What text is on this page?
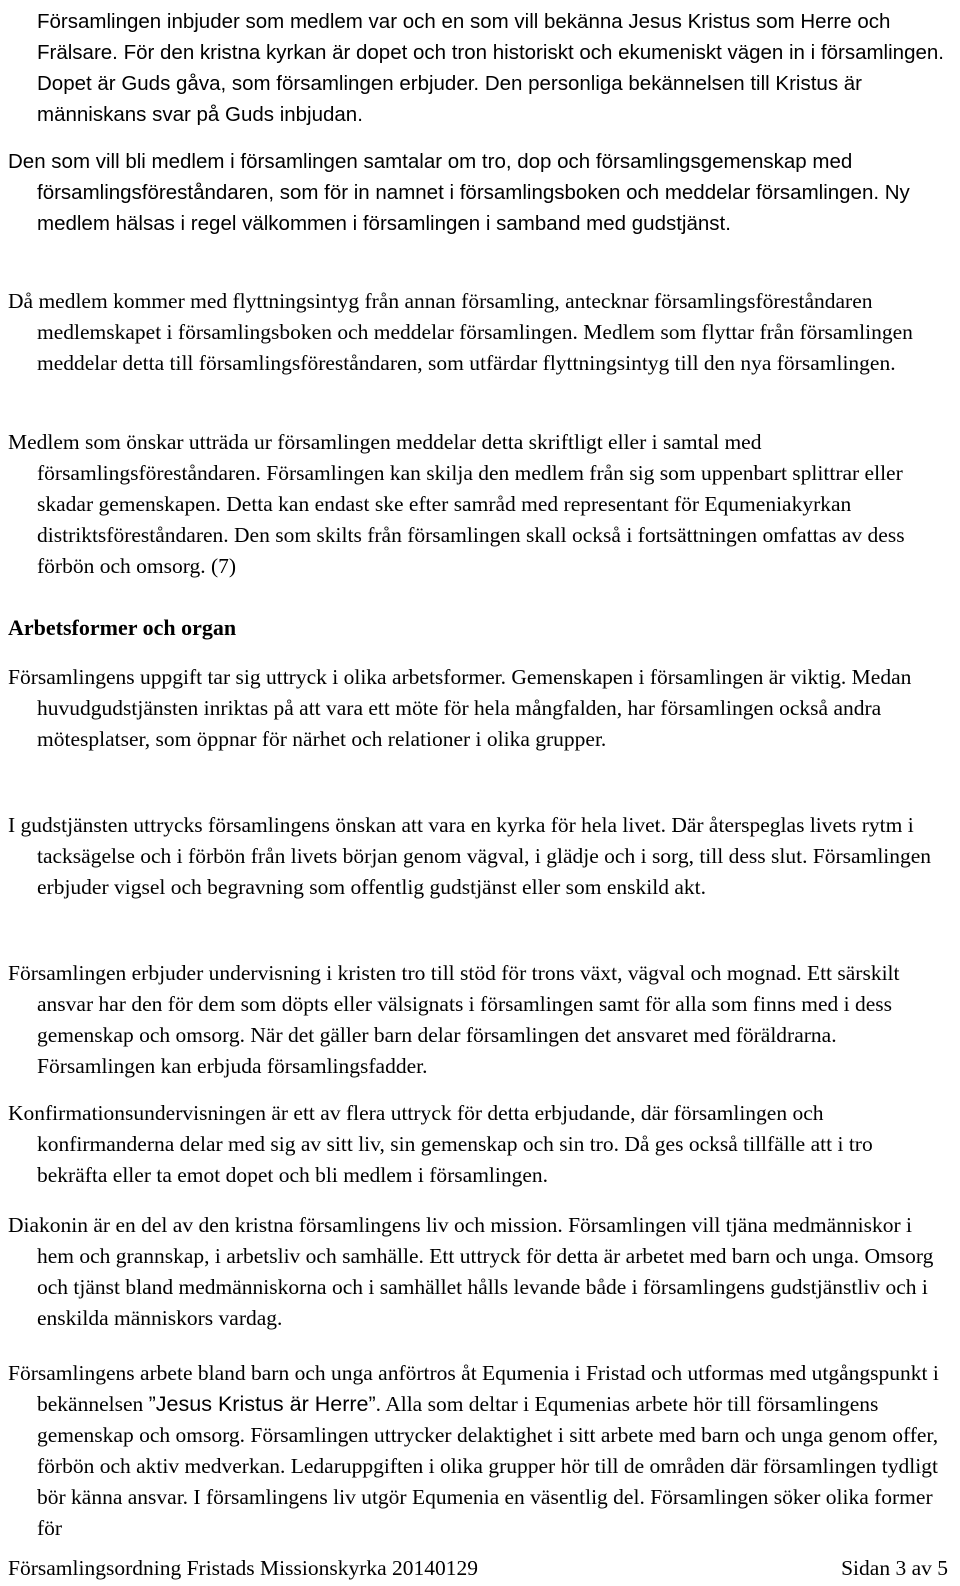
Församlingen inbjuder som medlem var och en som vill bekänna Jesus Kristus som Herre och Frälsare. För den kristna kyrkan är dopet och tron historiskt och ekumeniskt vägen in i församlingen. Dopet är Guds gåva, som församlingen erbjuder. Den personliga bekännelsen till Kristus är människans svar på Guds inbjudan.

Den som vill bli medlem i församlingen samtalar om tro, dop och församlingsgemenskap med församlingsföreståndaren, som för in namnet i församlingsboken och meddelar församlingen. Ny medlem hälsas i regel välkommen i församlingen i samband med gudstjänst.

Då medlem kommer med flyttningsintyg från annan församling, antecknar församlingsföreståndaren medlemskapet i församlingsboken och meddelar församlingen. Medlem som flyttar från församlingen meddelar detta till församlingsföreståndaren, som utfärdar flyttningsintyg till den nya församlingen.

Medlem som önskar utträda ur församlingen meddelar detta skriftligt eller i samtal med församlingsföreståndaren. Församlingen kan skilja den medlem från sig som uppenbart splittrar eller skadar gemenskapen. Detta kan endast ske efter samråd med representant för Equmeniakyrkan distriktsföreståndaren. Den som skilts från församlingen skall också i fortsättningen omfattas av dess förbön och omsorg. (7)

Arbetsformer och organ

Församlingens uppgift tar sig uttryck i olika arbetsformer. Gemenskapen i församlingen är viktig. Medan huvudgudstjänsten inriktas på att vara ett möte för hela mångfalden, har församlingen också andra mötesplatser, som öppnar för närhet och relationer i olika grupper.

I gudstjänsten uttrycks församlingens önskan att vara en kyrka för hela livet. Där återspeglas livets rytm i tacksägelse och i förbön från livets början genom vägval, i glädje och i sorg, till dess slut. Församlingen erbjuder vigsel och begravning som offentlig gudstjänst eller som enskild akt.

Församlingen erbjuder undervisning i kristen tro till stöd för trons växt, vägval och mognad. Ett särskilt ansvar har den för dem som döpts eller välsignats i församlingen samt för alla som finns med i dess gemenskap och omsorg. När det gäller barn delar församlingen det ansvaret med föräldrarna. Församlingen kan erbjuda församlingsfadder.

Konfirmationsundervisningen är ett av flera uttryck för detta erbjudande, där församlingen och konfirmanderna delar med sig av sitt liv, sin gemenskap och sin tro. Då ges också tillfälle att i tro bekräfta eller ta emot dopet och bli medlem i församlingen.

Diakonin är en del av den kristna församlingens liv och mission. Församlingen vill tjäna medmänniskor i hem och grannskap, i arbetsliv och samhälle. Ett uttryck för detta är arbetet med barn och unga. Omsorg och tjänst bland medmänniskorna och i samhället hålls levande både i församlingens gudstjänstliv och i enskilda människors vardag.

Församlingens arbete bland barn och unga anförtros åt Equmenia i Fristad och utformas med utgångspunkt i bekännelsen ”Jesus Kristus är Herre”. Alla som deltar i Equmenias arbete hör till församlingens gemenskap och omsorg. Församlingen uttrycker delaktighet i sitt arbete med barn och unga genom offer, förbön och aktiv medverkan. Ledaruppgiften i olika grupper hör till de områden där församlingen tydligt bör känna ansvar. I församlingens liv utgör Equmenia en väsentlig del. Församlingen söker olika former för

Församlingsordning Fristads Missionskyrka 20140129	Sidan 3 av 5
